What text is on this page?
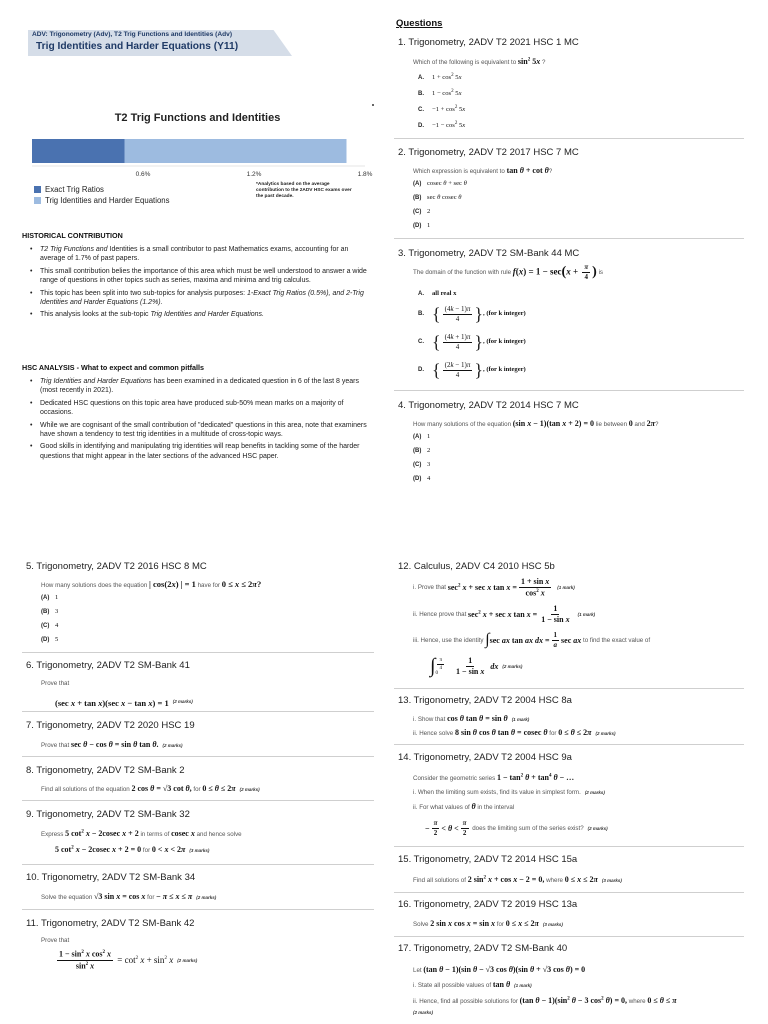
ADV: Trigonometry (Adv), T2 Trig Functions and Identities (Adv)
Trig Identities and Harder Equations (Y11)
T2 Trig Functions and Identities
0.6%	1.2%	1.8%
Exact Trig Ratios
Trig Identities and Harder Equations
*Analytics based on the average contribution to the 2ADV HSC exams over the past decade.
HISTORICAL CONTRIBUTION
• T2 Trig Functions and Identities is a small contributor to past Mathematics exams, accounting for an average of 1.7% of past papers.
• This small contribution belies the importance of this area which must be well understood to answer a wide range of questions in other topics such as series, maxima and minima and trig calculus.
• This topic has been split into two sub-topics for analysis purposes: 1-Exact Trig Ratios (0.5%), and 2-Trig Identities and Harder Equations (1.2%).
• This analysis looks at the sub-topic Trig Identities and Harder Equations.
HSC ANALYSIS - What to expect and common pitfalls
• Trig Identities and Harder Equations has been examined in a dedicated question in 6 of the last 8 years (most recently in 2021).
• Dedicated HSC questions on this topic area have produced sub-50% mean marks on a majority of occasions.
• While we are cognisant of the small contribution of "dedicated" questions in this area, note that examiners have shown a tendency to test trig identities in a multitude of cross-topic ways.
• Good skills in identifying and manipulating trig identities will reap benefits in tackling some of the harder questions that might appear in the later sections of the advanced HSC paper.
Questions
1. Trigonometry, 2ADV T2 2021 HSC 1 MC
Which of the following is equivalent to $\sin^2 5x$ ?
A. $1 + \cos^2 5x$
B. $1 - \cos^2 5x$
C. $-1 + \cos^2 5x$
D. $-1 - \cos^2 5x$
2. Trigonometry, 2ADV T2 2017 HSC 7 MC
Which expression is equivalent to tan θ + cot θ?
(A) cosec θ + sec θ
(B) sec θ cosec θ
(C) 2
(D) 1
3. Trigonometry, 2ADV T2 SM-Bank 44 MC
The domain of the function with rule
$f(x) = 1 - \sec(x + \frac{\pi}{4}$ )
is
A. all real x
B. { $\frac{(4k - 1)\pi}{4}$ } , (for k integer)
C. { $\frac{(4k + 1)\pi}{4}$ } , (for k integer)
D. { $\frac{(2k - 1)\pi}{4}$ } , (for k integer)
4. Trigonometry, 2ADV T2 2014 HSC 7 MC
How many solutions of the equation (sin x − 1)(tan x + 2) = 0 lie between 0 and 2π?
(A) 1
(B) 2
(C) 3
(D) 4
5. Trigonometry, 2ADV T2 2016 HSC 8 MC
How many solutions does the equation | cos(2x) | = 1 have for 0 ≤ x ≤ 2π?
(A) 1
(B) 3
(C) 4
(D) 5
6. Trigonometry, 2ADV T2 SM-Bank 41
Prove that
(sec x + tan x)(sec x − tan x) = 1 (2 marks)
7. Trigonometry, 2ADV T2 2020 HSC 19
Prove that sec θ − cos θ = sin θ tan θ. (2 marks)
8. Trigonometry, 2ADV T2 SM-Bank 2
Find all solutions of the equation 2 cos θ = √3 cot θ, for 0 ≤ θ ≤ 2π (2 marks)
9. Trigonometry, 2ADV T2 SM-Bank 32
Express 5 $\cot^2 x - 2cosec$ x + 2 in terms of cosec x and hence solve
5 $\cot^2 x - 2cosec$ x + 2 = 0 for 0 < x < 2π (3 marks)
10. Trigonometry, 2ADV T2 SM-Bank 34
Solve the equation √3 sin x = cos x for − π ≤ x ≤ π (2 marks)
11. Trigonometry, 2ADV T2 SM-Bank 42
Prove that
$\frac{1 - \sin^2 x \cos^2 x}{\sin^2 x} = \cot^2 x + \sin^2 x$ (2 marks)
12. Calculus, 2ADV C4 2010 HSC 5b
i. Prove that
$\sec^2 x + \sec x$ $\tan x = \frac{\text{1 + sin x}}{\cos^2 x} (1$ mark)
ii. Hence prove that
$\sec^2 x + \sec x$ $\tan x = \frac{1}{\text{1 − sin x}} (1$ mark)
iii. Hence, use the identity
∫ sec ax tan ax dx = $\frac{1}{a}$ sec ax
to find the exact value of
∫ $\frac{\pi}{4}$
0	$\frac{1}{\text{1 − sin x}}$ dx (2 marks)
13. Trigonometry, 2ADV T2 2004 HSC 8a
i. Show that cos θ tan θ = sin θ (1 mark)
ii. Hence solve 8 sin θ cos θ tan θ = cosec θ for 0 ≤ θ ≤ 2π (2 marks)
14. Trigonometry, 2ADV T2 2004 HSC 9a
Consider the geometric series $1 - \tan^2 \theta + \tan^4 \theta$ − …
i. When the limiting sum exists, find its value in simplest form. (2 marks)
ii. For what values of θ in the interval
− $\frac{\pi}{2} < \theta < \frac{\pi}{2}$
does the limiting sum of the series exist? (2 marks)
15. Trigonometry, 2ADV T2 2014 HSC 15a
Find all solutions of 2 $\sin^2 x + \cos x - 2 = 0$, where 0 ≤ x ≤ 2π (3 marks)
16. Trigonometry, 2ADV T2 2019 HSC 13a
Solve 2 sin x cos x = sin x for 0 ≤ x ≤ 2π (3 marks)
17. Trigonometry, 2ADV T2 SM-Bank 40
Let (tan θ − 1)(sin θ − √3 cos θ)(sin θ + √3 cos θ) = 0
i. State all possible values of tan θ (1 mark)
ii. Hence, find all possible solutions for (tan $\theta - 1)(\sin^2$ θ − 3 $\cos^2 \theta) = 0$, where 0 ≤ θ ≤ π
(2 marks)
